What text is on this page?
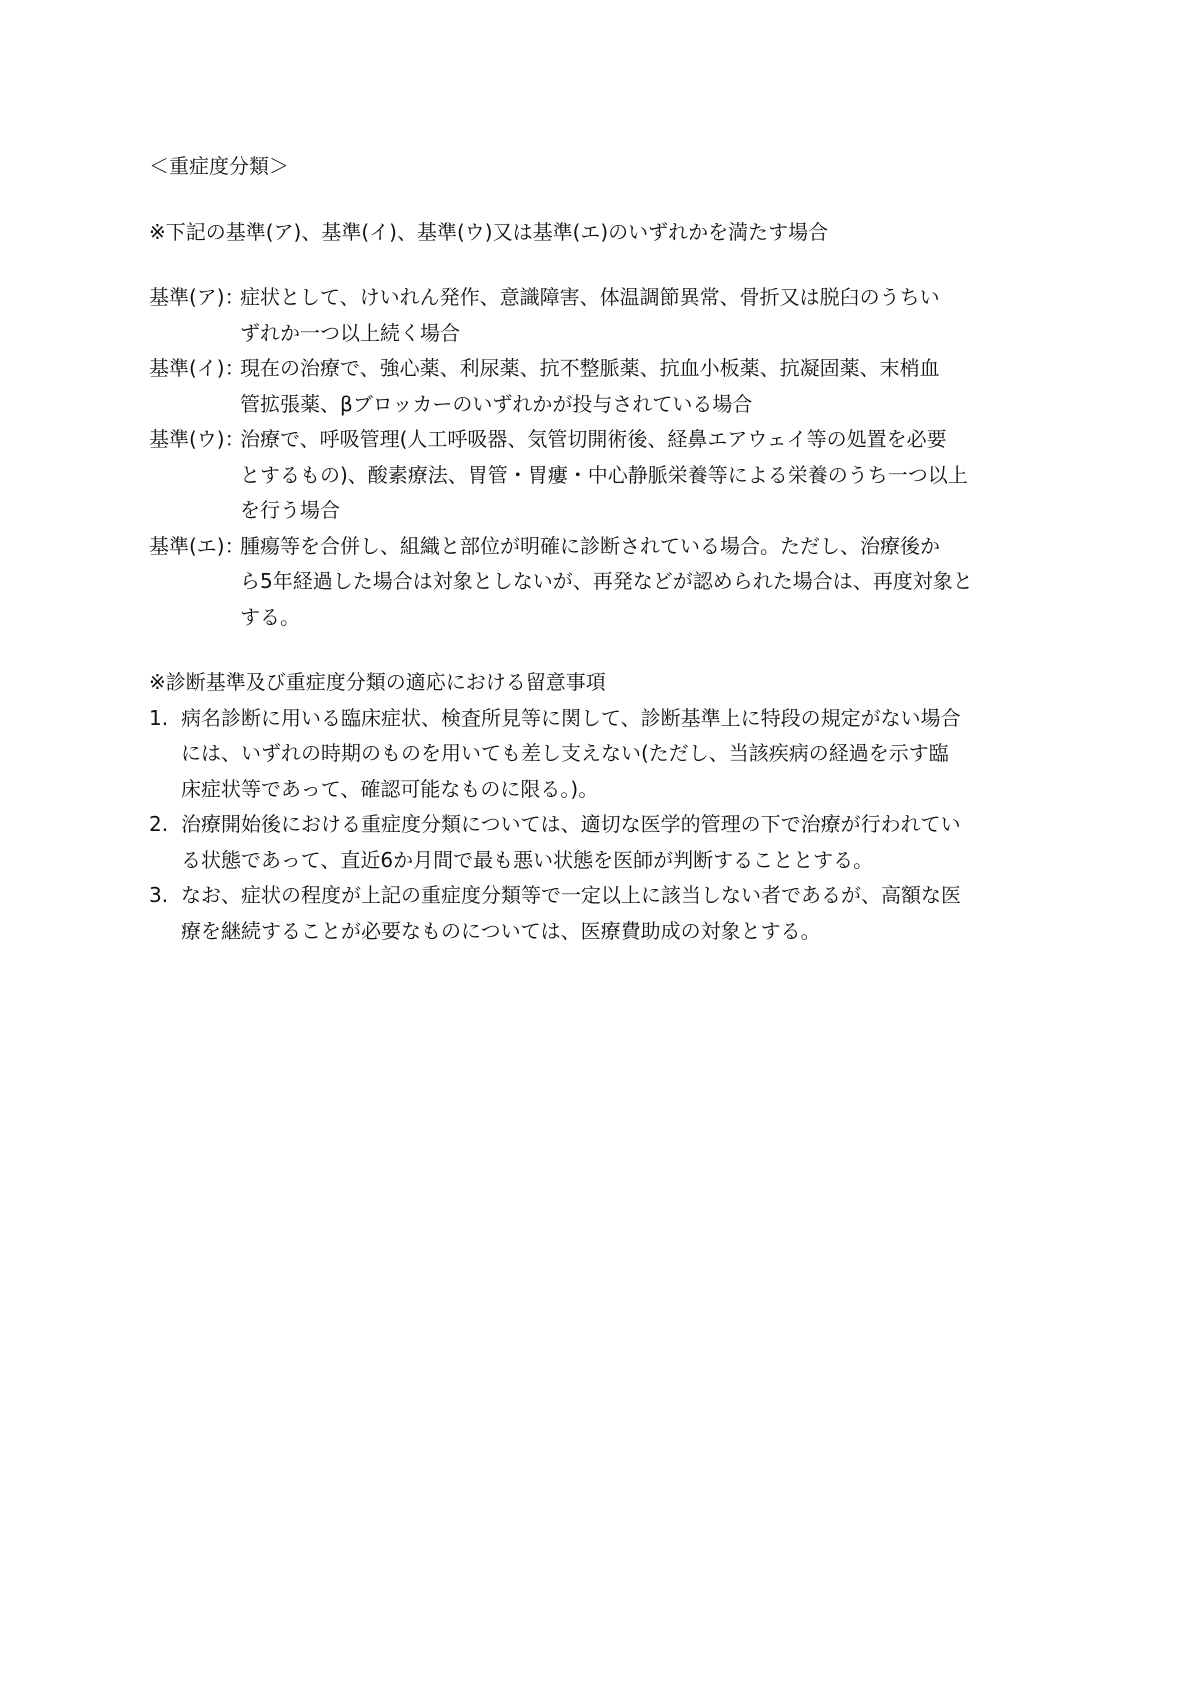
＜重症度分類＞
※下記の基準(ア)、基準(イ)、基準(ウ)又は基準(エ)のいずれかを満たす場合
基準(ア)：
症状として、けいれん発作、意識障害、体温調節異常、骨折又は脱臼のうちい
ずれか一つ以上続く場合
基準(イ)：
現在の治療で、強心薬、利尿薬、抗不整脈薬、抗血小板薬、抗凝固薬、末梢血
管拡張薬、βブロッカーのいずれかが投与されている場合
基準(ウ)：
治療で、呼吸管理(人工呼吸器、気管切開術後、経鼻エアウェイ等の処置を必要
とするもの)、酸素療法、胃管・胃瘻・中心静脈栄養等による栄養のうち一つ以上
を行う場合
基準(エ)：
腫瘍等を合併し、組織と部位が明確に診断されている場合。ただし、治療後か
ら5年経過した場合は対象としないが、再発などが認められた場合は、再度対象と
する。
※診断基準及び重症度分類の適応における留意事項
1. 病名診断に用いる臨床症状、検査所見等に関して、診断基準上に特段の規定がない場合
には、いずれの時期のものを用いても差し支えない(ただし、当該疾病の経過を示す臨
床症状等であって、確認可能なものに限る。)。
2. 治療開始後における重症度分類については、適切な医学的管理の下で治療が行われてい
る状態であって、直近6か月間で最も悪い状態を医師が判断することとする。
3. なお、症状の程度が上記の重症度分類等で一定以上に該当しない者であるが、高額な医
療を継続することが必要なものについては、医療費助成の対象とする。
